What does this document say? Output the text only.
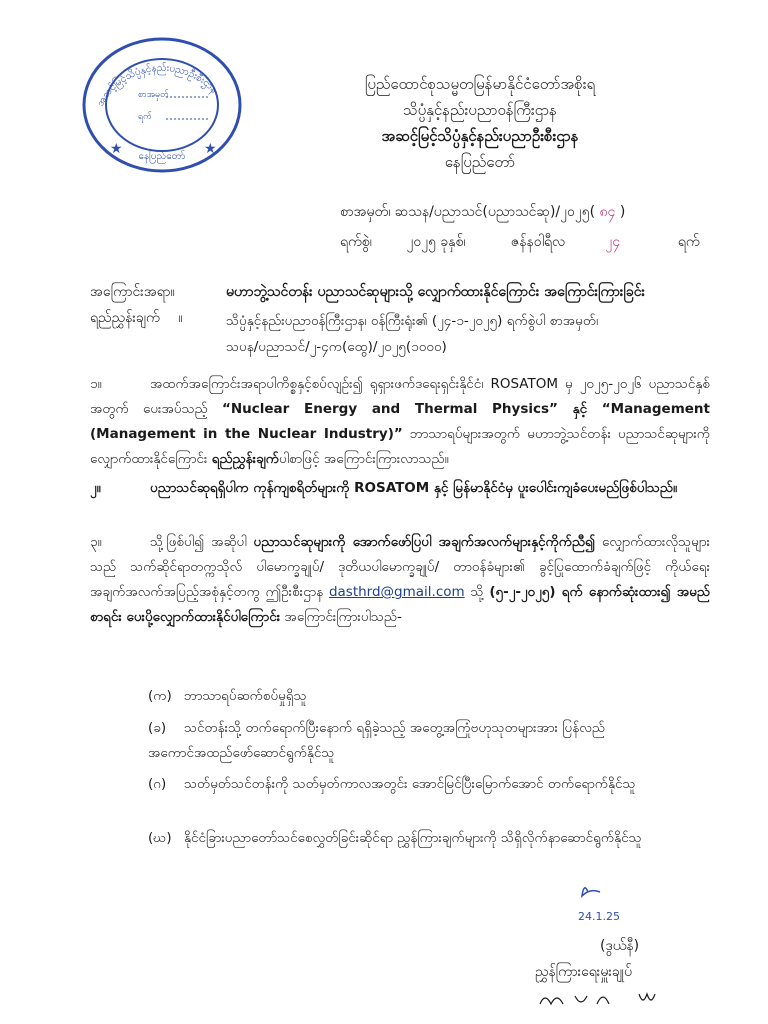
အဆင့်မြင့်သိပ္ပံနှင့်နည်းပညာဦးစီးဌာန
စာအမှတ်
ရက်
★	★
နေပြည်တော်
ပြည်ထောင်စုသမ္မတမြန်မာနိုင်ငံတော်အစိုးရ
သိပ္ပံနှင့်နည်းပညာဝန်ကြီးဌာန
အဆင့်မြင့်သိပ္ပံနှင့်နည်းပညာဦးစီးဌာန
နေပြည်တော်
စာအမှတ်၊ ဆသန/ပညာသင်(ပညာသင်ဆု)/၂၀၂၅( ၈၄ )
ရက်စွဲ၊ ၂၀၂၅ ခုနှစ်၊	ဇန်နဝါရီလ	၂၄	ရက်
အကြောင်းအရာ။	မဟာဘွဲ့သင်တန်း ပညာသင်ဆုများသို့ လျှောက်ထားနိုင်ကြောင်း အကြောင်းကြားခြင်း
ရည်ညွှန်းချက် ။	သိပ္ပံနှင့်နည်းပညာဝန်ကြီးဌာန၊ ဝန်ကြီးရုံး၏ (၂၄-၁-၂၀၂၅) ရက်စွဲပါ စာအမှတ်၊
သပန/ပညာသင်/၂-၄က(ထွေ)/၂၀၂၅(၁၀၀၀)
၁။	အထက်အကြောင်းအရာပါကိစ္စနှင့်စပ်လျဉ်း၍ ရုရှားဖက်ဒရေးရှင်းနိုင်ငံ၊ ROSATOM မှ ၂၀၂၅-၂၀၂၆ ပညာသင်နှစ်အတွက် ပေးအပ်သည့် “Nuclear Energy and Thermal Physics” နှင့် “Management (Management in the Nuclear Industry)” ဘာသာရပ်များအတွက် မဟာဘွဲ့သင်တန်း ပညာသင်ဆုများကို လျှောက်ထားနိုင်ကြောင်း ရည်ညွှန်းချက်ပါစာဖြင့် အကြောင်းကြားလာသည်။
၂။	ပညာသင်ဆုရရှိပါက ကုန်ကျစရိတ်များကို ROSATOM နှင့် မြန်မာနိုင်ငံမှ ပူးပေါင်းကျခံပေးမည်ဖြစ်ပါသည်။
၃။	သို့ဖြစ်ပါ၍ အဆိုပါ ပညာသင်ဆုများကို အောက်ဖော်ပြပါ အချက်အလက်များနှင့်ကိုက်ညီ၍ လျှောက်ထားလိုသူများသည် သက်ဆိုင်ရာတက္ကသိုလ် ပါမောက္ခချုပ်/ ဒုတိယပါမောက္ခချုပ်/ တာဝန်ခံများ၏ ခွင့်ပြုထောက်ခံချက်ဖြင့် ကိုယ်ရေးအချက်အလက်အပြည့်အစုံနှင့်တကွ ဤဦးစီးဌာန dasthrd@gmail.com သို့ (၅-၂-၂၀၂၅) ရက် နောက်ဆုံးထား၍ အမည်စာရင်း ပေးပို့လျှောက်ထားနိုင်ပါကြောင်း အကြောင်းကြားပါသည်-
(က) ဘာသာရပ်ဆက်စပ်မှုရှိသူ
(ခ) သင်တန်းသို့ တက်ရောက်ပြီးနောက် ရရှိခဲ့သည့် အတွေ့အကြုံဗဟုသုတများအား ပြန်လည်အကောင်အထည်ဖော်ဆောင်ရွက်နိုင်သူ
(ဂ) သတ်မှတ်သင်တန်းကို သတ်မှတ်ကာလအတွင်း အောင်မြင်ပြီးမြောက်အောင် တက်ရောက်နိုင်သူ
(ဃ) နိုင်ငံခြားပညာတော်သင်စေလွှတ်ခြင်းဆိုင်ရာ ညွှန်ကြားချက်များကို သိရှိလိုက်နာဆောင်ရွက်နိုင်သူ
24.1.25
(ဒွယ်နီ)
ညွှန်ကြားရေးမှူးချုပ်
